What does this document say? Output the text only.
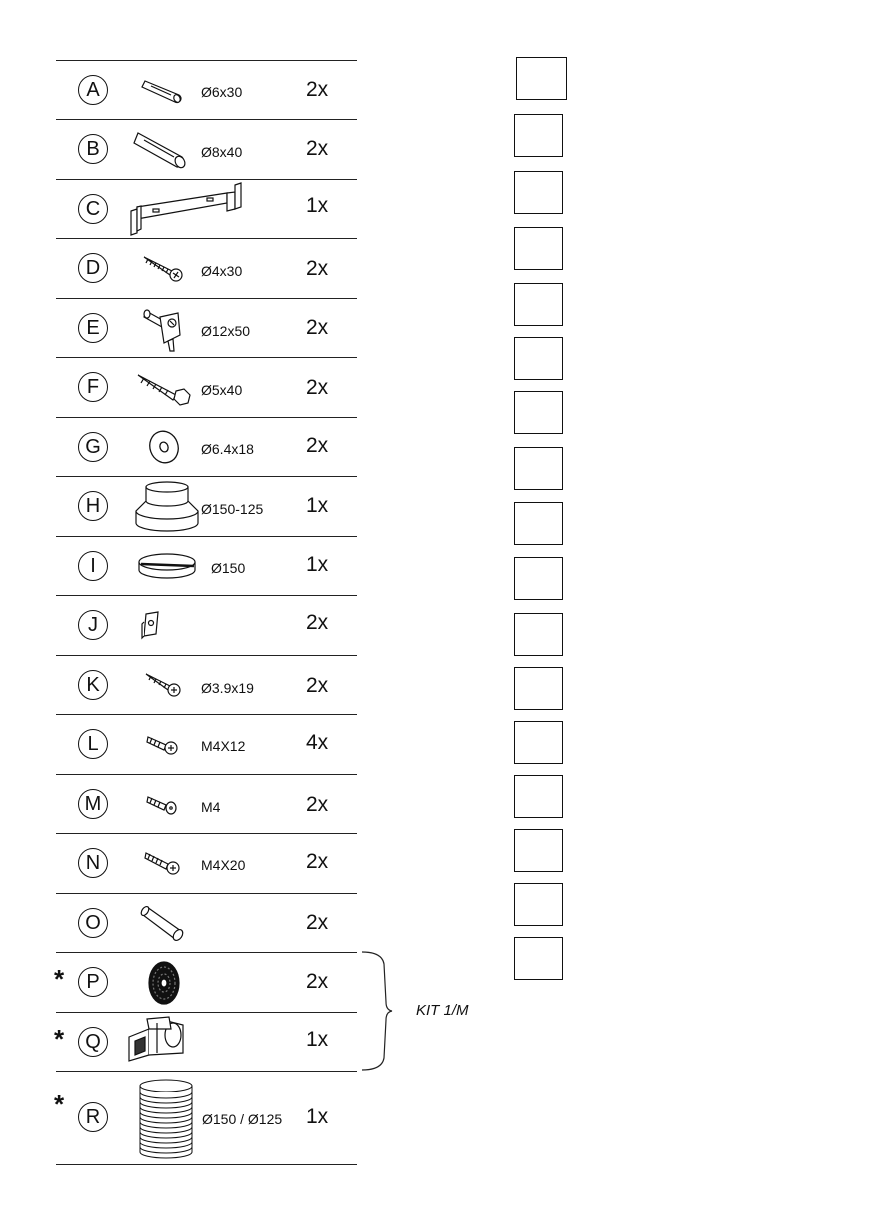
A	Ø6x30	2x
B	Ø8x40	2x
C	1x
D	Ø4x30	2x
E	Ø12x50	2x
F	Ø5x40	2x
G	Ø6.4x18 2x
H	Ø150-125 1x
I	Ø150	1x
J	2x
K	Ø3.9x19 2x
L	M4X12	4x
M	M4	2x
N	M4X20	2x
O	2x
*	P	2x
*	Q	1x
*	R	Ø150 / Ø125 1x
KIT 1/M
